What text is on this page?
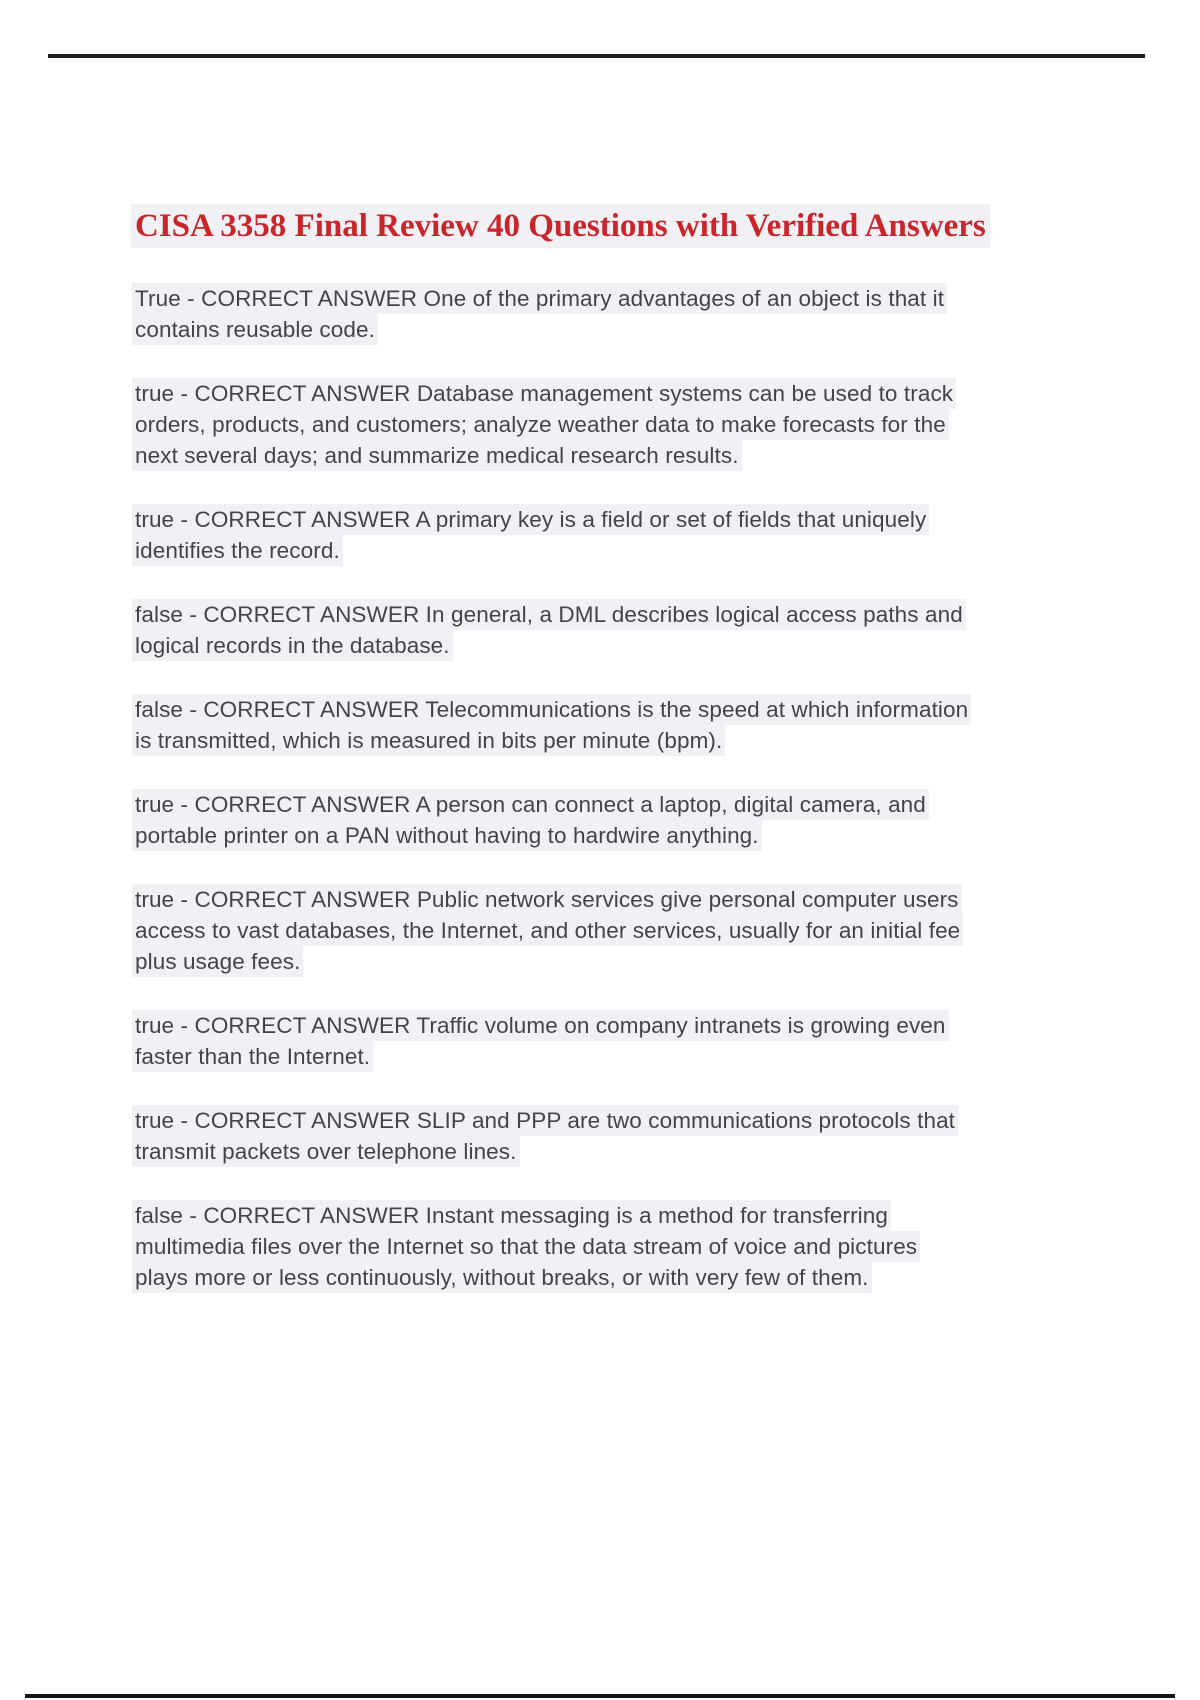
CISA 3358 Final Review 40 Questions with Verified Answers

True - CORRECT ANSWER One of the primary advantages of an object is that it
contains reusable code.

true - CORRECT ANSWER Database management systems can be used to track
orders, products, and customers; analyze weather data to make forecasts for the
next several days; and summarize medical research results.

true - CORRECT ANSWER A primary key is a field or set of fields that uniquely
identifies the record.

false - CORRECT ANSWER In general, a DML describes logical access paths and
logical records in the database.

false - CORRECT ANSWER Telecommunications is the speed at which information
is transmitted, which is measured in bits per minute (bpm).

true - CORRECT ANSWER A person can connect a laptop, digital camera, and
portable printer on a PAN without having to hardwire anything.

true - CORRECT ANSWER Public network services give personal computer users
access to vast databases, the Internet, and other services, usually for an initial fee
plus usage fees.

true - CORRECT ANSWER Traffic volume on company intranets is growing even
faster than the Internet.

true - CORRECT ANSWER SLIP and PPP are two communications protocols that
transmit packets over telephone lines.

false - CORRECT ANSWER Instant messaging is a method for transferring
multimedia files over the Internet so that the data stream of voice and pictures
plays more or less continuously, without breaks, or with very few of them.
